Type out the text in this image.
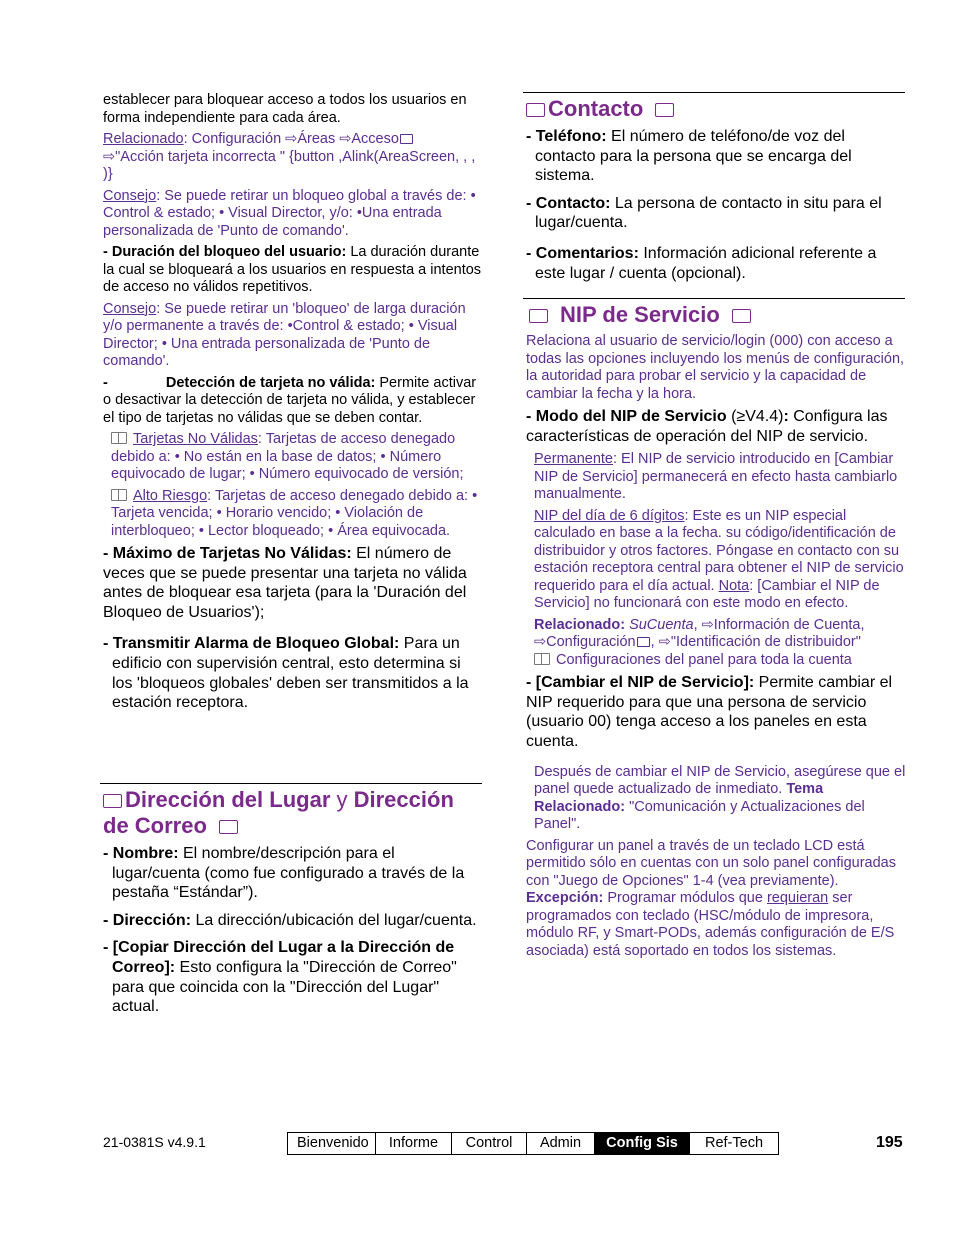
establecer para bloquear acceso a todos los usuarios en forma independiente para cada área.

Relacionado: Configuración ⇨Áreas ⇨Acceso
⇨"Acción tarjeta incorrecta " {button ,Alink(AreaScreen, , , )}

Consejo: Se puede retirar un bloqueo global a través de: • Control & estado; • Visual Director, y/o: •Una entrada personalizada de 'Punto de comando'.

- Duración del bloqueo del usuario: La duración durante la cual se bloqueará a los usuarios en respuesta a intentos de acceso no válidos repetitivos.

Consejo: Se puede retirar un 'bloqueo' de larga duración y/o permanente a través de: •Control & estado; • Visual Director; • Una entrada personalizada de 'Punto de comando'.

-	Detección de tarjeta no válida: Permite activar o desactivar la detección de tarjeta no válida, y establecer el tipo de tarjetas no válidas que se deben contar.

Tarjetas No Válidas: Tarjetas de acceso denegado debido a: • No están en la base de datos; • Número equivocado de lugar; • Número equivocado de versión;

Alto Riesgo: Tarjetas de acceso denegado debido a: • Tarjeta vencida; • Horario vencido; • Violación de interbloqueo; • Lector bloqueado; • Área equivocada.

- Máximo de Tarjetas No Válidas: El número de veces que se puede presentar una tarjeta no válida antes de bloquear esa tarjeta (para la 'Duración del Bloqueo de Usuarios');

- Transmitir Alarma de Bloqueo Global: Para un edificio con supervisión central, esto determina si los 'bloqueos globales' deben ser transmitidos a la estación receptora.

Dirección del Lugar y Dirección de Correo

- Nombre: El nombre/descripción para el lugar/cuenta (como fue configurado a través de la pestaña “Estándar”).

- Dirección: La dirección/ubicación del lugar/cuenta.

- [Copiar Dirección del Lugar a la Dirección de Correo]: Esto configura la "Dirección de Correo" para que coincida con la "Dirección del Lugar" actual.

Contacto

- Teléfono: El número de teléfono/de voz del contacto para la persona que se encarga del sistema.

- Contacto: La persona de contacto in situ para el lugar/cuenta.

- Comentarios: Información adicional referente a este lugar / cuenta (opcional).

NIP de Servicio

Relaciona al usuario de servicio/login (000) con acceso a todas las opciones incluyendo los menús de configuración, la autoridad para probar el servicio y la capacidad de cambiar la fecha y la hora.

- Modo del NIP de Servicio (≥V4.4): Configura las características de operación del NIP de servicio.

Permanente: El NIP de servicio introducido en [Cambiar NIP de Servicio] permanecerá en efecto hasta cambiarlo manualmente.

NIP del día de 6 dígitos: Este es un NIP especial calculado en base a la fecha. su código/identificación de distribuidor y otros factores. Póngase en contacto con su estación receptora central para obtener el NIP de servicio requerido para el día actual. Nota: [Cambiar el NIP de Servicio] no funcionará con este modo en efecto.

Relacionado: SuCuenta, ⇨Información de Cuenta, ⇨Configuración , ⇨"Identificación de distribuidor"

Configuraciones del panel para toda la cuenta

- [Cambiar el NIP de Servicio]: Permite cambiar el NIP requerido para que una persona de servicio (usuario 00) tenga acceso a los paneles en esta cuenta.

Después de cambiar el NIP de Servicio, asegúrese que el panel quede actualizado de inmediato. Tema Relacionado: "Comunicación y Actualizaciones del Panel".

Configurar un panel a través de un teclado LCD está permitido sólo en cuentas con un solo panel configuradas con "Juego de Opciones" 1-4 (vea previamente). Excepción: Programar módulos que requieran ser programados con teclado (HSC/módulo de impresora, módulo RF, y Smart-PODs, además configuración de E/S asociada) está soportado en todos los sistemas.

21-0381S v4.9.1	Bienvenido	Informe	Control	Admin	Config Sis	Ref-Tech	195
